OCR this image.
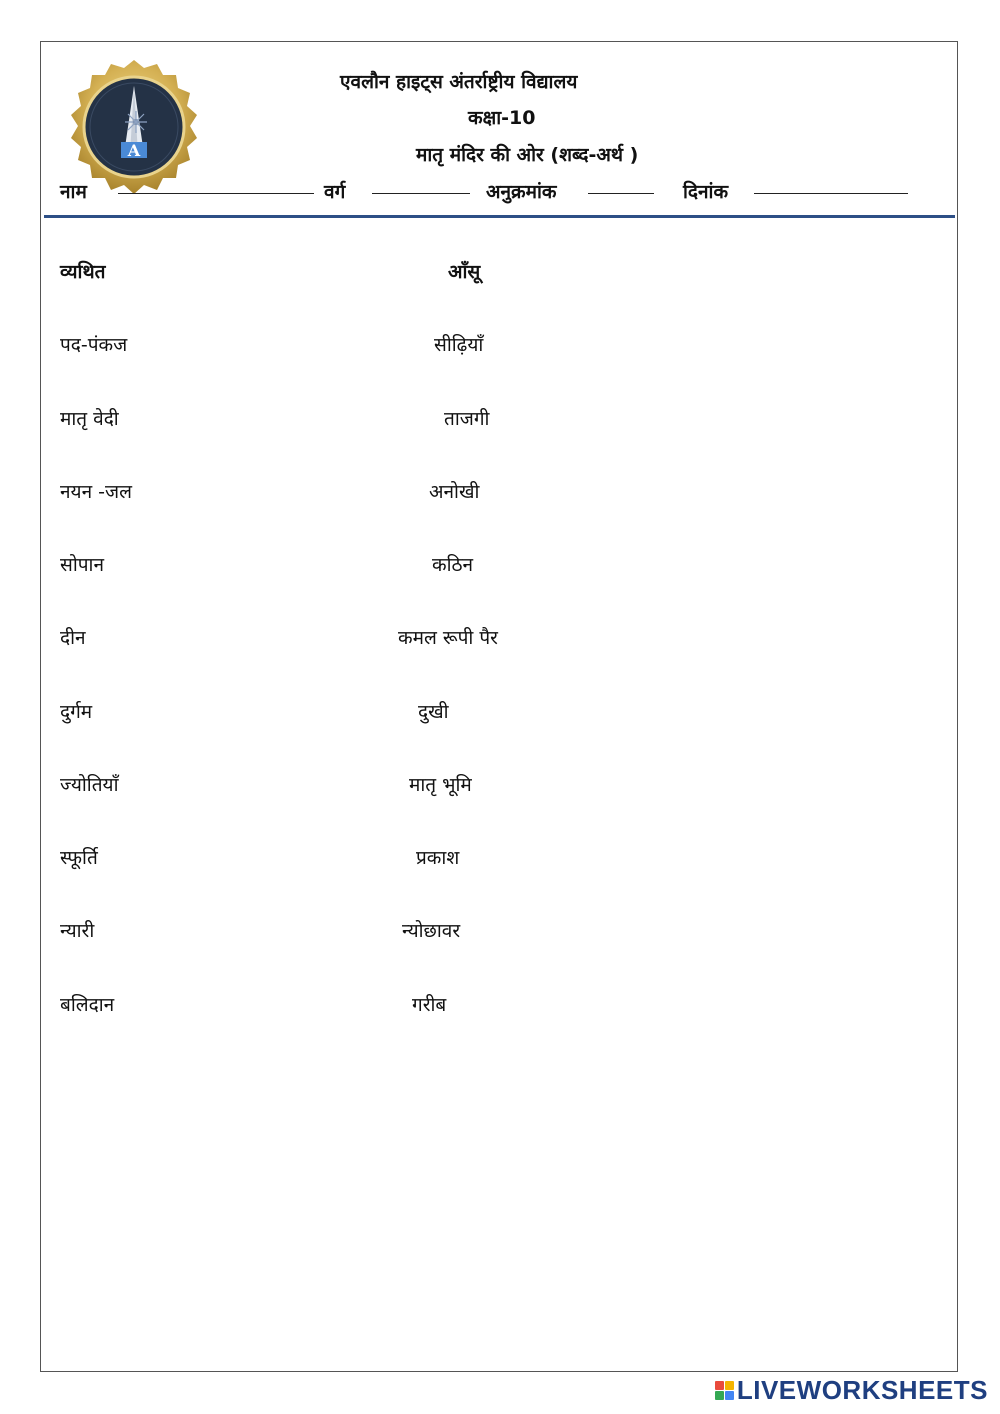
A
एवलौन हाइट्स अंतर्राष्ट्रीय विद्यालय
कक्षा-10
मातृ मंदिर की ओर (शब्द-अर्थ )
नाम	वर्ग	अनुक्रमांक	दिनांक
व्यथित	आँसू
पद-पंकज	सीढ़ियाँ
मातृ वेदी	ताजगी
नयन -जल	अनोखी
सोपान	कठिन
दीन	कमल रूपी पैर
दुर्गम	दुखी
ज्योतियाँ	मातृ भूमि
स्फूर्ति	प्रकाश
न्यारी	न्योछावर
बलिदान	गरीब
LIVEWORKSHEETS
